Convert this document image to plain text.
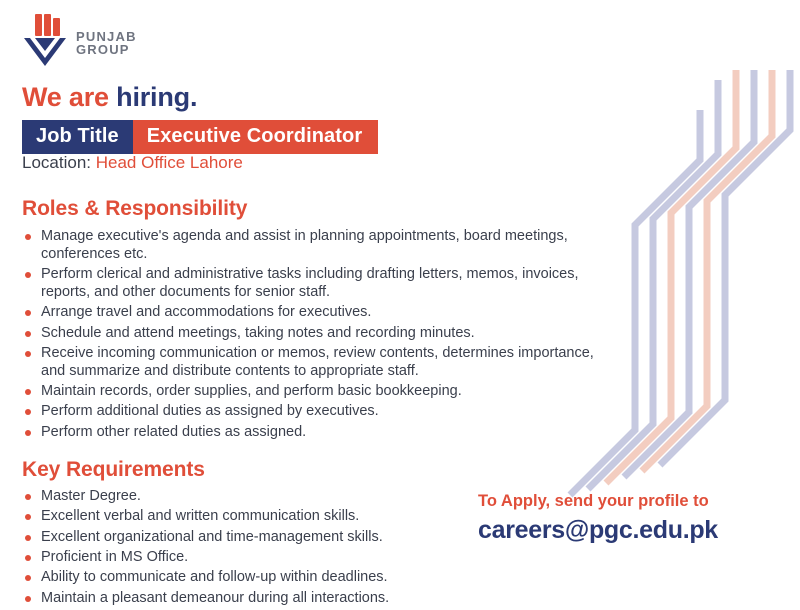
PUNJAB
GROUP
We are hiring.
Job Title	Executive Coordinator
Location: Head Office Lahore
Roles & Responsibility
Manage executive's agenda and assist in planning appointments, board meetings, conferences etc.
Perform clerical and administrative tasks including drafting letters, memos, invoices, reports, and other documents for senior staff.
Arrange travel and accommodations for executives.
Schedule and attend meetings, taking notes and recording minutes.
Receive incoming communication or memos, review contents, determines importance, and summarize and distribute contents to appropriate staff.
Maintain records, order supplies, and perform basic bookkeeping.
Perform additional duties as assigned by executives.
Perform other related duties as assigned.
Key Requirements
Master Degree.
Excellent verbal and written communication skills.
Excellent organizational and time-management skills.
Proficient in MS Office.
Ability to communicate and follow-up within deadlines.
Maintain a pleasant demeanour during all interactions.
To Apply, send your profile to
careers@pgc.edu.pk
